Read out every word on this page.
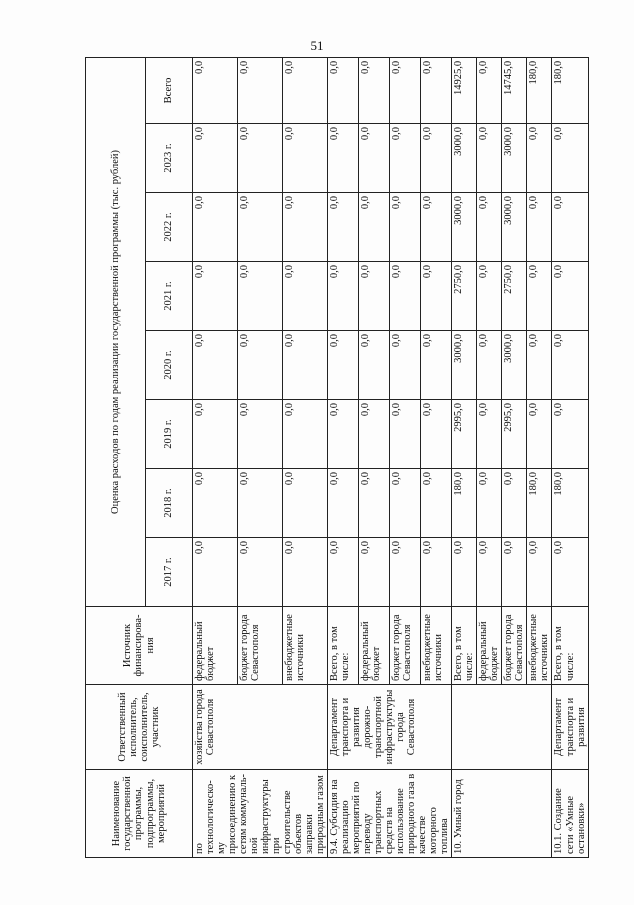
51
Наименование государственной программы, подпрограммы, мероприятий	Ответственный исполнитель, соисполнитель, участник	Источник финансирова-ния	Оценка расходов по годам реализации государственной программы (тыс. рублей)							
			2017 г.	2018 г.	2019 г.	2020 г.	2021 г.	2022 г.	2023 г.	Всего
по технологическо-му присоединению к сетям коммуналь-ной инфраструктуры при строительстве объектов заправки природным газом	хозяйства города Севастополя	федеральный бюджет	0,0	0,0	0,0	0,0	0,0	0,0	0,0	0,0
		бюджет города Севастополя	0,0	0,0	0,0	0,0	0,0	0,0	0,0	0,0
		внебюджетные источники	0,0	0,0	0,0	0,0	0,0	0,0	0,0	0,0
9.4. Субсидия на реализацию мероприятий по переводу транспортных средств на использование природного газа в качестве моторного топлива	Департамент транспорта и развития дорожно-транспортной инфраструктуры города Севастополя	Всего, в том числе:	0,0	0,0	0,0	0,0	0,0	0,0	0,0	0,0
		федеральный бюджет	0,0	0,0	0,0	0,0	0,0	0,0	0,0	0,0
		бюджет города Севастополя	0,0	0,0	0,0	0,0	0,0	0,0	0,0	0,0
		внебюджетные источники	0,0	0,0	0,0	0,0	0,0	0,0	0,0	0,0
10. Умный город		Всего, в том числе:	0,0	180,0	2995,0	3000,0	2750,0	3000,0	3000,0	14925,0
		федеральный бюджет	0,0	0,0	0,0	0,0	0,0	0,0	0,0	0,0
		бюджет города Севастополя	0,0	0,0	2995,0	3000,0	2750,0	3000,0	3000,0	14745,0
		внебюджетные источники	0,0	180,0	0,0	0,0	0,0	0,0	0,0	180,0
10.1. Создание сети «Умные остановки»	Департамент транспорта и развития	Всего, в том числе:	0,0	180,0	0,0	0,0	0,0	0,0	0,0	180,0
